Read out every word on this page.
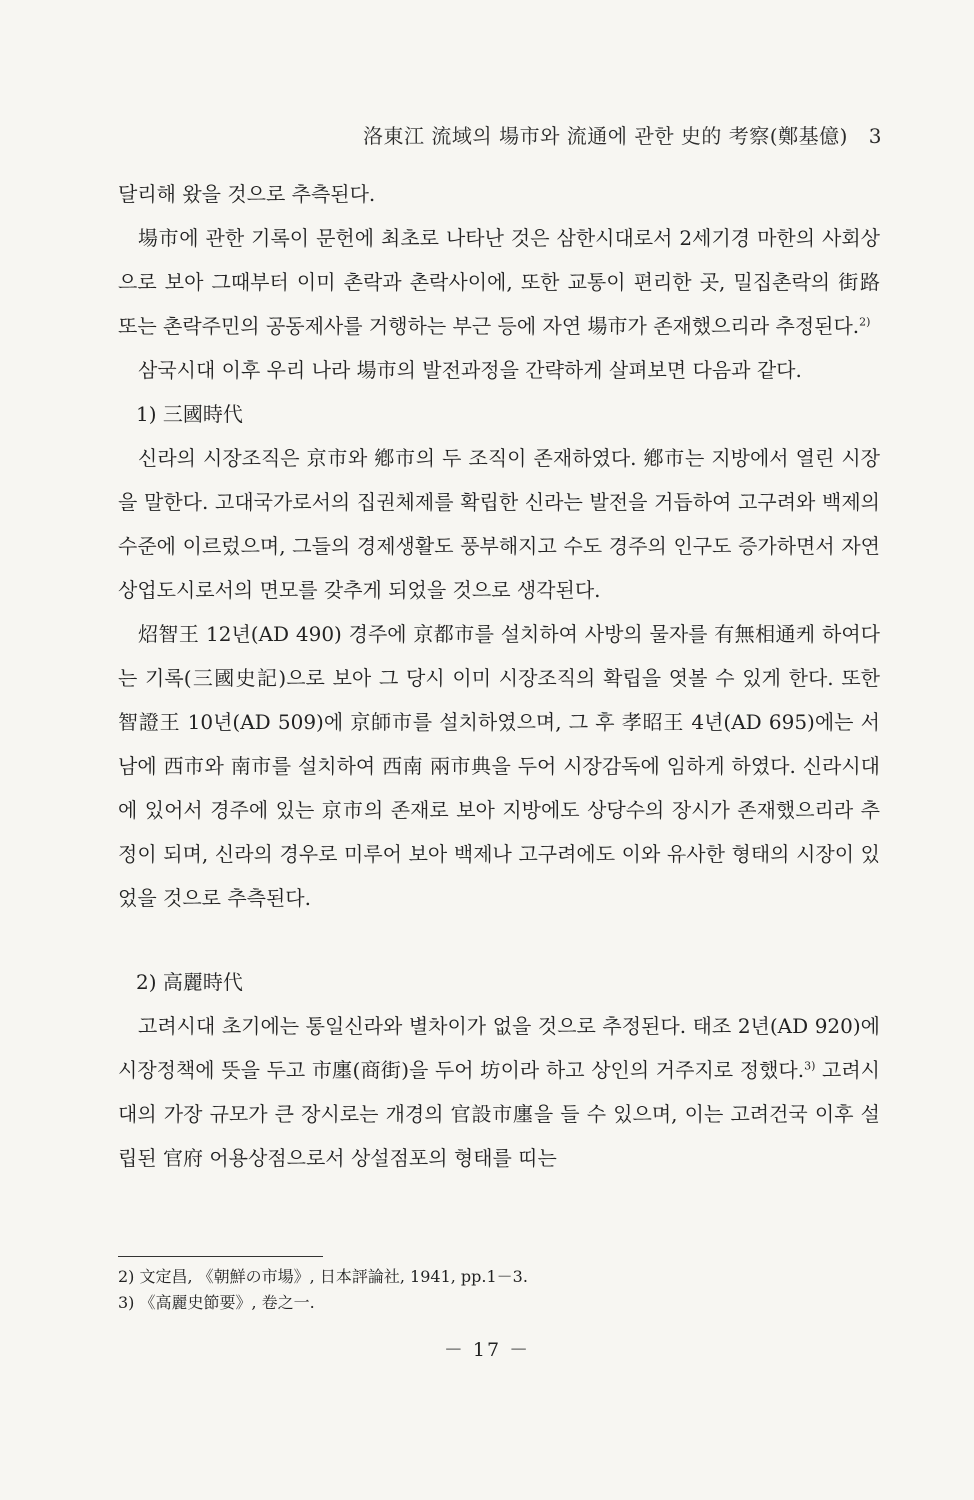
洛東江 流域의 場市와 流通에 관한 史的 考察(鄭基億) 3

달리해 왔을 것으로 추측된다.

場市에 관한 기록이 문헌에 최초로 나타난 것은 삼한시대로서 2세기경 마한의 사회상으로 보아 그때부터 이미 촌락과 촌락사이에, 또한 교통이 편리한 곳, 밀집촌락의 街路 또는 촌락주민의 공동제사를 거행하는 부근 등에 자연 場市가 존재했으리라 추정된다.$^{2)}$

삼국시대 이후 우리 나라 場市의 발전과정을 간략하게 살펴보면 다음과 같다.

1) 三國時代

신라의 시장조직은 京市와 鄕市의 두 조직이 존재하였다. 鄕市는 지방에서 열린 시장을 말한다. 고대국가로서의 집권체제를 확립한 신라는 발전을 거듭하여 고구려와 백제의 수준에 이르렀으며, 그들의 경제생활도 풍부해지고 수도 경주의 인구도 증가하면서 자연 상업도시로서의 면모를 갖추게 되었을 것으로 생각된다.

炤智王 12년(AD 490) 경주에 京都市를 설치하여 사방의 물자를 有無相通케 하여다는 기록(三國史記)으로 보아 그 당시 이미 시장조직의 확립을 엿볼 수 있게 한다. 또한 智證王 10년(AD 509)에 京師市를 설치하였으며, 그 후 孝昭王 4년(AD 695)에는 서남에 西市와 南市를 설치하여 西南 兩市典을 두어 시장감독에 임하게 하였다. 신라시대에 있어서 경주에 있는 京市의 존재로 보아 지방에도 상당수의 장시가 존재했으리라 추정이 되며, 신라의 경우로 미루어 보아 백제나 고구려에도 이와 유사한 형태의 시장이 있었을 것으로 추측된다.

2) 高麗時代

고려시대 초기에는 통일신라와 별차이가 없을 것으로 추정된다. 태조 2년(AD 920)에 시장정책에 뜻을 두고 市廛(商街)을 두어 坊이라 하고 상인의 거주지로 정했다.$^{3)}$ 고려시대의 가장 규모가 큰 장시로는 개경의 官設市廛을 들 수 있으며, 이는 고려건국 이후 설립된 官府 어용상점으로서 상설점포의 형태를 띠는

2) 文定昌, 《朝鮮の市場》, 日本評論社, 1941, pp.1－3.

3) 《高麗史節要》, 卷之一.

－ 17 －
